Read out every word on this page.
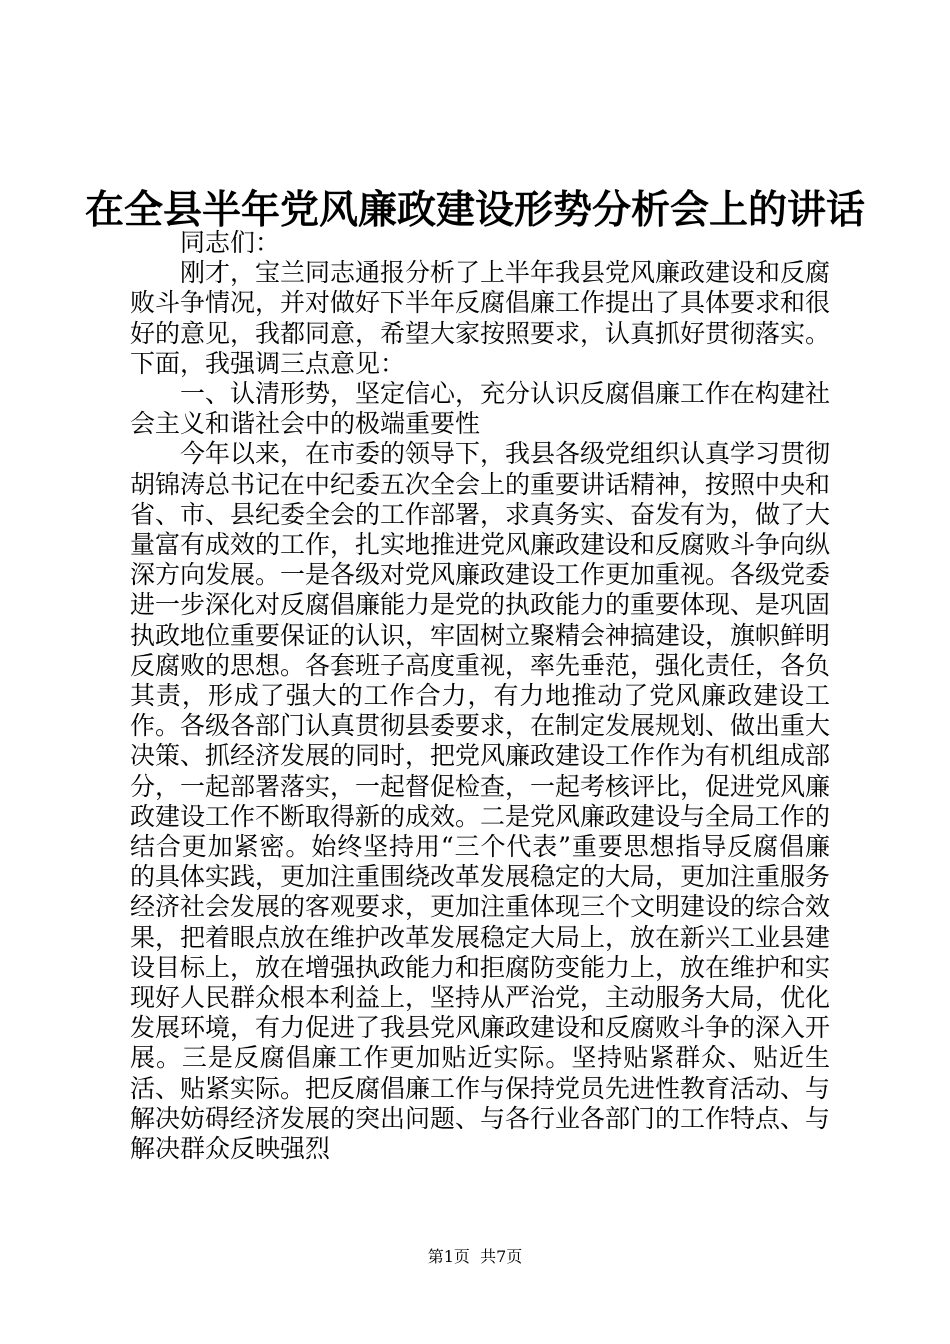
在全县半年党风廉政建设形势分析会上的讲话

同志们：

刚才，宝兰同志通报分析了上半年我县党风廉政建设和反腐败斗争情况，并对做好下半年反腐倡廉工作提出了具体要求和很好的意见，我都同意，希望大家按照要求，认真抓好贯彻落实。下面，我强调三点意见：

一、认清形势，坚定信心，充分认识反腐倡廉工作在构建社会主义和谐社会中的极端重要性

今年以来，在市委的领导下，我县各级党组织认真学习贯彻胡锦涛总书记在中纪委五次全会上的重要讲话精神，按照中央和省、市、县纪委全会的工作部署，求真务实、奋发有为，做了大量富有成效的工作，扎实地推进党风廉政建设和反腐败斗争向纵深方向发展。一是各级对党风廉政建设工作更加重视。各级党委进一步深化对反腐倡廉能力是党的执政能力的重要体现、是巩固执政地位重要保证的认识，牢固树立聚精会神搞建设，旗帜鲜明反腐败的思想。各套班子高度重视，率先垂范，强化责任，各负其责，形成了强大的工作合力，有力地推动了党风廉政建设工作。各级各部门认真贯彻县委要求，在制定发展规划、做出重大决策、抓经济发展的同时，把党风廉政建设工作作为有机组成部分，一起部署落实，一起督促检查，一起考核评比，促进党风廉政建设工作不断取得新的成效。二是党风廉政建设与全局工作的结合更加紧密。始终坚持用“三个代表”重要思想指导反腐倡廉的具体实践，更加注重围绕改革发展稳定的大局，更加注重服务经济社会发展的客观要求，更加注重体现三个文明建设的综合效果，把着眼点放在维护改革发展稳定大局上，放在新兴工业县建设目标上，放在增强执政能力和拒腐防变能力上，放在维护和实现好人民群众根本利益上，坚持从严治党，主动服务大局，优化发展环境，有力促进了我县党风廉政建设和反腐败斗争的深入开展。三是反腐倡廉工作更加贴近实际。坚持贴紧群众、贴近生活、贴紧实际。把反腐倡廉工作与保持党员先进性教育活动、与解决妨碍经济发展的突出问题、与各行业各部门的工作特点、与解决群众反映强烈

第1页  共7页
